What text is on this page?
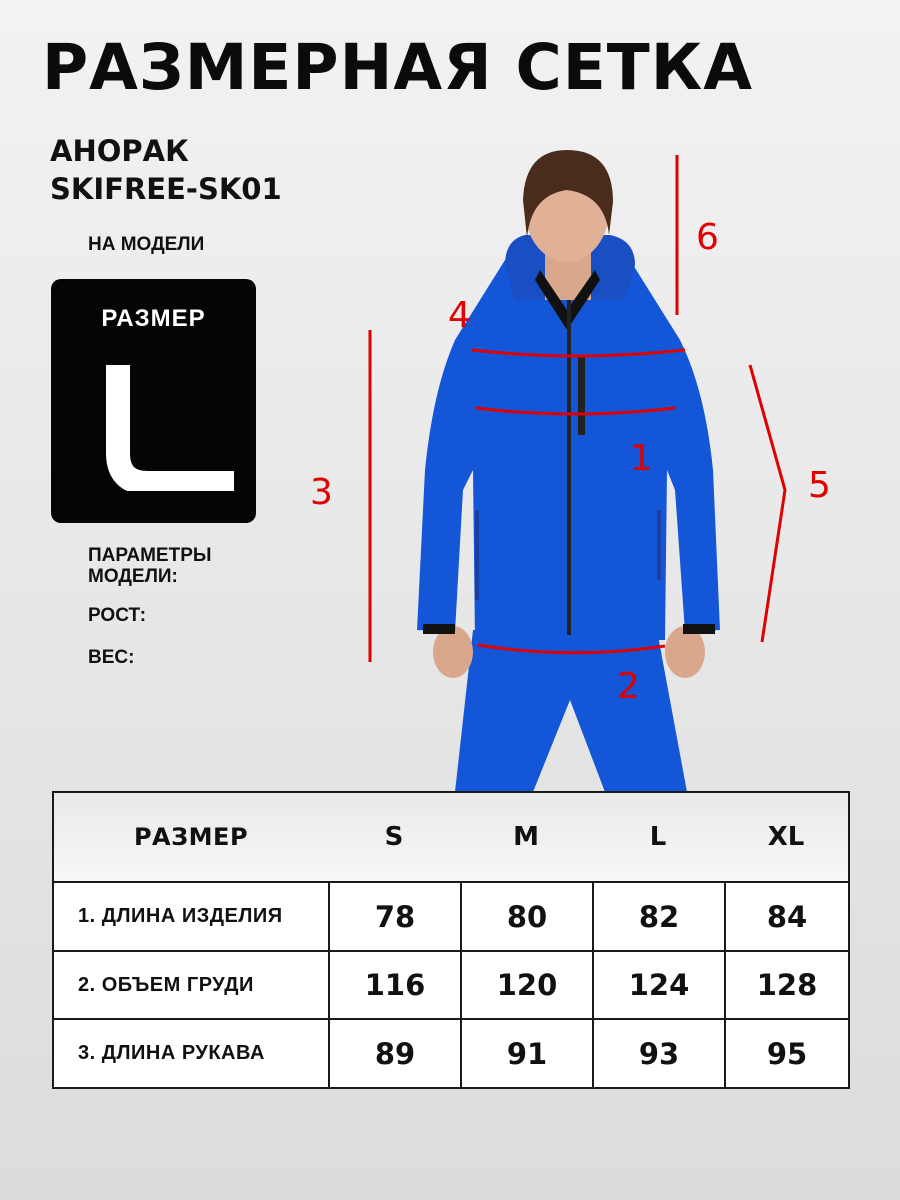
РАЗМЕРНАЯ СЕТКА
АНОРАК
SKIFREE-SK01
НА МОДЕЛИ
РАЗМЕР
ПАРАМЕТРЫ МОДЕЛИ:
РОСТ:
ВЕС:
6
4
1
3	5
2
РАЗМЕР	S	M	L	XL
1. ДЛИНА ИЗДЕЛИЯ	78	80	82	84
2. ОБЪЕМ ГРУДИ	116	120	124	128
3. ДЛИНА РУКАВА	89	91	93	95
